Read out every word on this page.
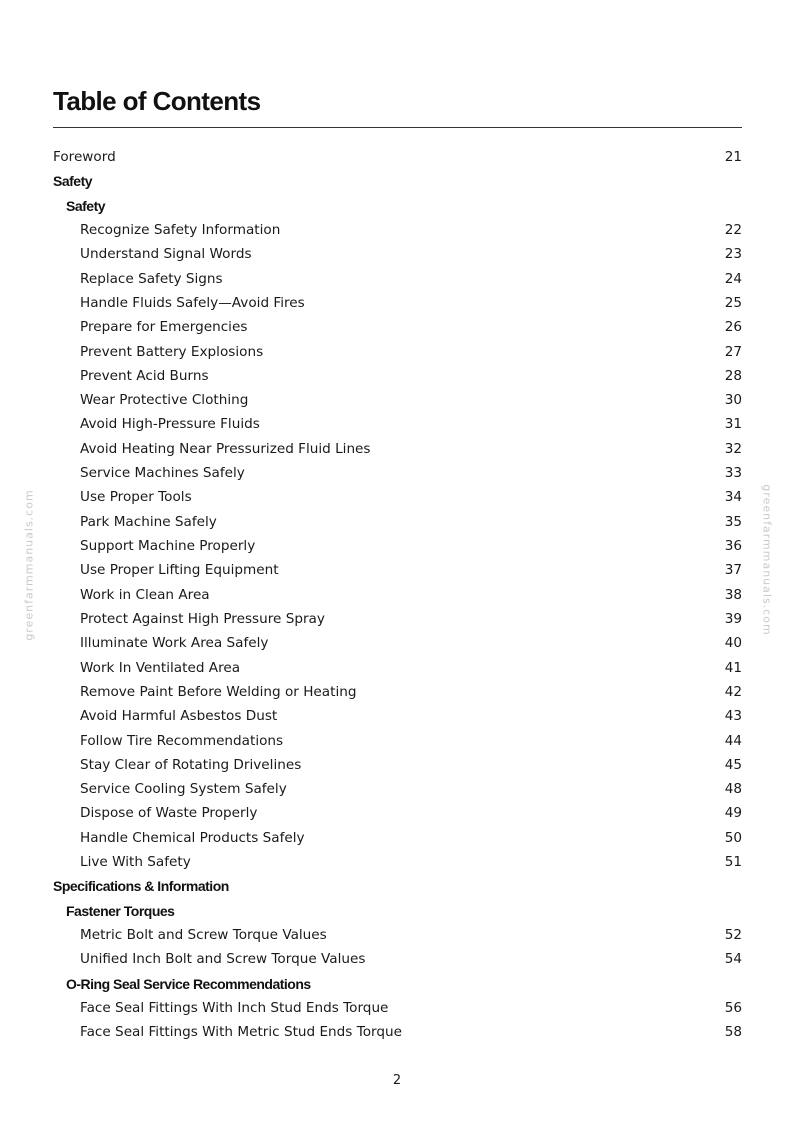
Table of Contents
Foreword	21
Safety
Safety
Recognize Safety Information	22
Understand Signal Words	23
Replace Safety Signs	24
Handle Fluids Safely—Avoid Fires	25
Prepare for Emergencies	26
Prevent Battery Explosions	27
Prevent Acid Burns	28
Wear Protective Clothing	30
Avoid High-Pressure Fluids	31
Avoid Heating Near Pressurized Fluid Lines	32
Service Machines Safely	33
Use Proper Tools	34
Park Machine Safely	35
Support Machine Properly	36
Use Proper Lifting Equipment	37
Work in Clean Area	38
Protect Against High Pressure Spray	39
Illuminate Work Area Safely	40
Work In Ventilated Area	41
Remove Paint Before Welding or Heating	42
Avoid Harmful Asbestos Dust	43
Follow Tire Recommendations	44
Stay Clear of Rotating Drivelines	45
Service Cooling System Safely	48
Dispose of Waste Properly	49
Handle Chemical Products Safely	50
Live With Safety	51
Specifications & Information
Fastener Torques
Metric Bolt and Screw Torque Values	52
Unified Inch Bolt and Screw Torque Values	54
O-Ring Seal Service Recommendations
Face Seal Fittings With Inch Stud Ends Torque	56
Face Seal Fittings With Metric Stud Ends Torque	58
greenfarmmanuals.com	greenfarmmanuals.com
2
